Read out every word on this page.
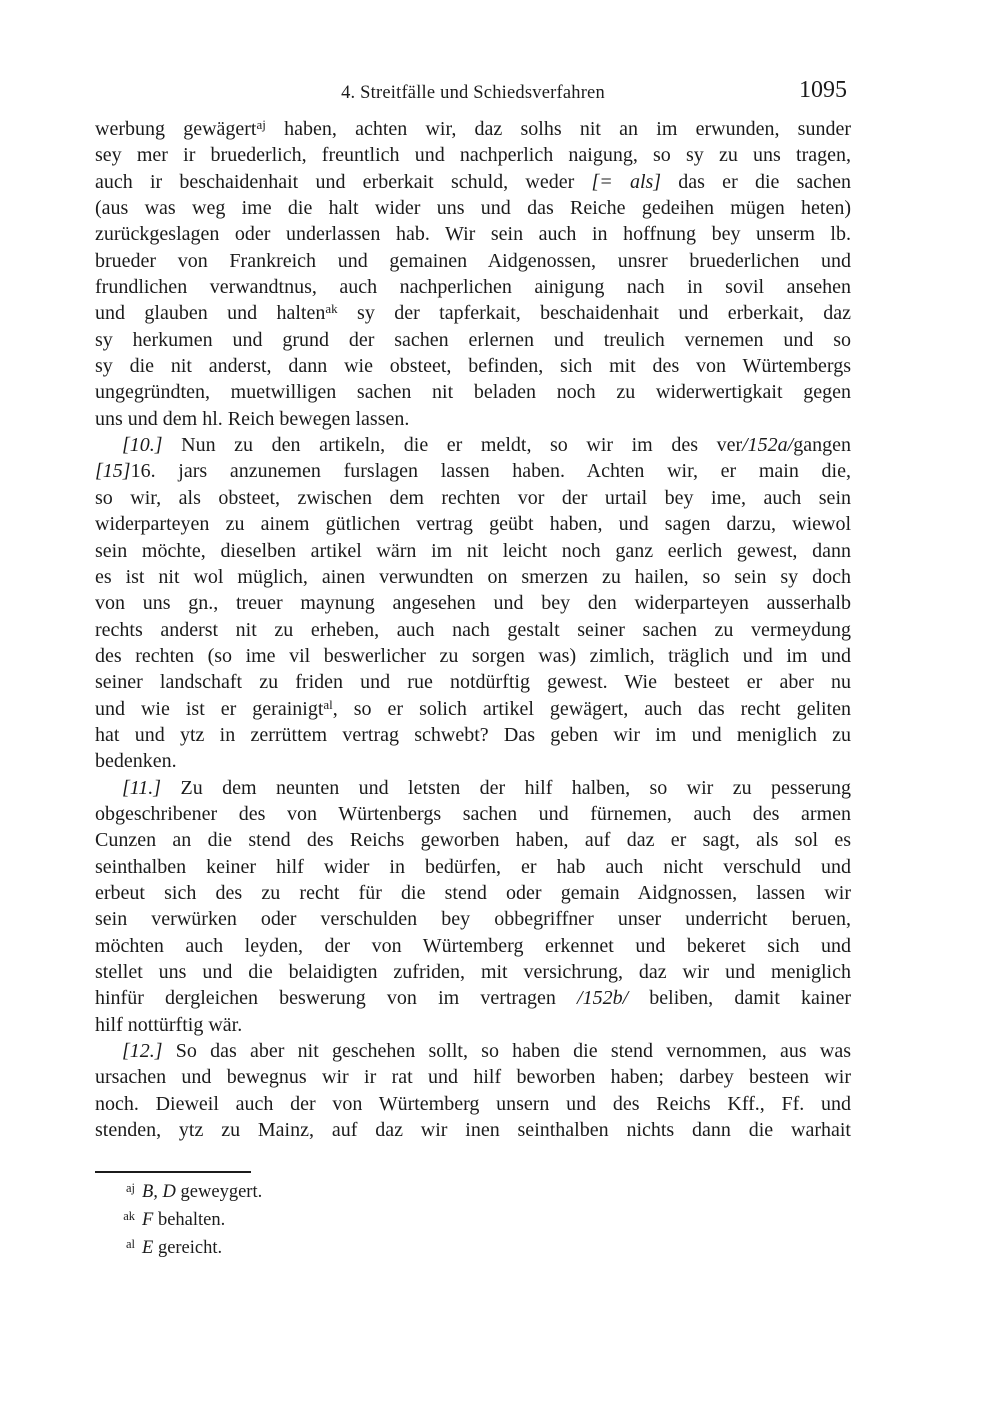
4. Streitfälle und Schiedsverfahren	1095
werbung gewägert$^{aj}$ haben, achten wir, daz solhs nit an im erwunden, sunder
sey mer ir bruederlich, freuntlich und nachperlich naigung, so sy zu uns tragen,
auch ir beschaidenhait und erberkait schuld, weder [= als] das er die sachen
(aus was weg ime die halt wider uns und das Reiche gedeihen mügen heten)
zurückgeslagen oder underlassen hab. Wir sein auch in hoffnung bey unserm lb.
brueder von Frankreich und gemainen Aidgenossen, unsrer bruederlichen und
frundlichen verwandtnus, auch nachperlichen ainigung nach in sovil ansehen
und glauben und halten$^{ak}$ sy der tapferkait, beschaidenhait und erberkait, daz
sy herkumen und grund der sachen erlernen und treulich vernemen und so
sy die nit anderst, dann wie obsteet, befinden, sich mit des von Würtembergs
ungegründten, muetwilligen sachen nit beladen noch zu widerwertigkait gegen
uns und dem hl. Reich bewegen lassen.
[10.] Nun zu den artikeln, die er meldt, so wir im des ver/152a/gangen
[15]16. jars anzunemen furslagen lassen haben. Achten wir, er main die,
so wir, als obsteet, zwischen dem rechten vor der urtail bey ime, auch sein
widerparteyen zu ainem gütlichen vertrag geübt haben, und sagen darzu, wiewol
sein möchte, dieselben artikel wärn im nit leicht noch ganz eerlich gewest, dann
es ist nit wol müglich, ainen verwundten on smerzen zu hailen, so sein sy doch
von uns gn., treuer maynung angesehen und bey den widerparteyen ausserhalb
rechts anderst nit zu erheben, auch nach gestalt seiner sachen zu vermeydung
des rechten (so ime vil beswerlicher zu sorgen was) zimlich, träglich und im und
seiner landschaft zu friden und rue notdürftig gewest. Wie besteet er aber nu
und wie ist er gerainigt$^{al}$, so er solich artikel gewägert, auch das recht geliten
hat und ytz in zerrüttem vertrag schwebt? Das geben wir im und meniglich zu
bedenken.
[11.] Zu dem neunten und letsten der hilf halben, so wir zu pesserung
obgeschribener des von Würtenbergs sachen und fürnemen, auch des armen
Cunzen an die stend des Reichs geworben haben, auf daz er sagt, als sol es
seinthalben keiner hilf wider in bedürfen, er hab auch nicht verschuld und
erbeut sich des zu recht für die stend oder gemain Aidgnossen, lassen wir
sein verwürken oder verschulden bey obbegriffner unser underricht beruen,
möchten auch leyden, der von Würtemberg erkennet und bekeret sich und
stellet uns und die belaidigten zufriden, mit versichrung, daz wir und meniglich
hinfür dergleichen beswerung von im vertragen /152b/ beliben, damit kainer
hilf nottürftig wär.
[12.] So das aber nit geschehen sollt, so haben die stend vernommen, aus was
ursachen und bewegnus wir ir rat und hilf beworben haben; darbey besteen wir
noch. Dieweil auch der von Würtemberg unsern und des Reichs Kff., Ff. und
stenden, ytz zu Mainz, auf daz wir inen seinthalben nichts dann die warhait
aj B, D geweygert.
ak F behalten.
al E gereicht.
